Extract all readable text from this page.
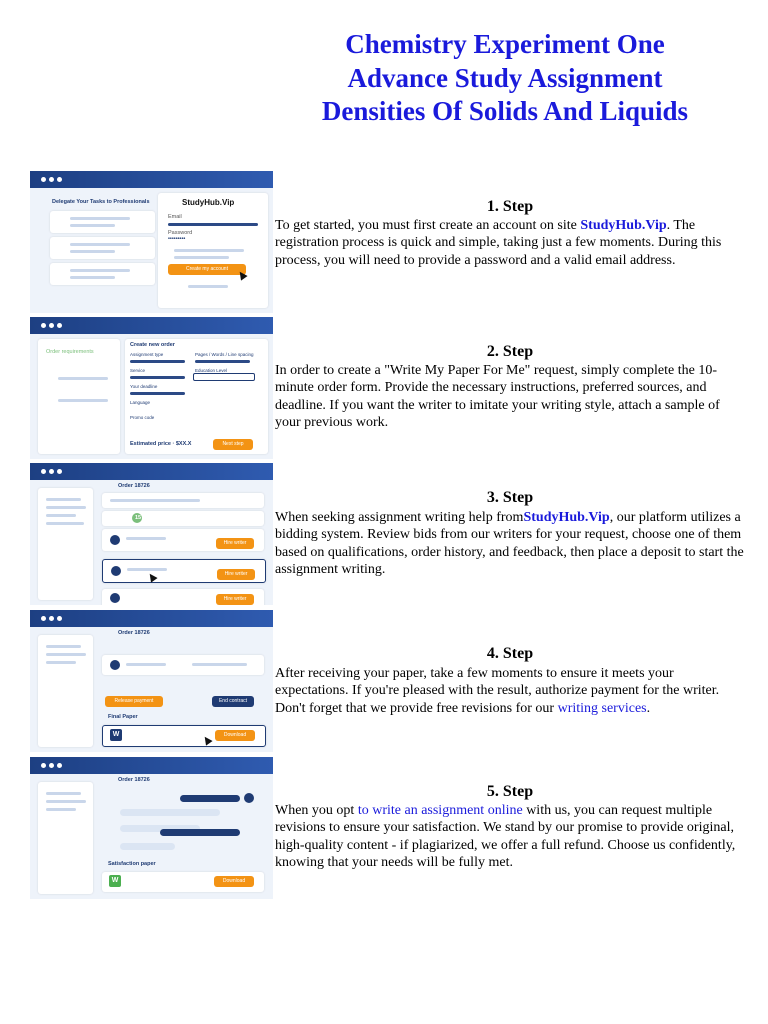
Chemistry Experiment One
Advance Study Assignment
Densities Of Solids And Liquids
Delegate Your Tasks to Professionals	StudyHub.Vip
Email
Password
•••••••••
Create my account
Order requirements
Create new order
Assignment type	Pages / Words / Line spacing
Service	Education Level
Your deadline
Language
Promo code
Estimated price · $XX.X	Next step
Order 18726
15
Hire writer
Hire writer
Hire writer
Order 18726
Release payment	End contract
Final Paper
W	Download
Order 18726
Satisfaction paper
W	Download
1. Step

To get started, you must first create an account on site StudyHub.Vip. The registration process is quick and simple, taking just a few moments. During this process, you will need to provide a password and a valid email address.

2. Step

In order to create a "Write My Paper For Me" request, simply complete the 10-minute order form. Provide the necessary instructions, preferred sources, and deadline. If you want the writer to imitate your writing style, attach a sample of your previous work.

3. Step

When seeking assignment writing help fromStudyHub.Vip, our platform utilizes a bidding system. Review bids from our writers for your request, choose one of them based on qualifications, order history, and feedback, then place a deposit to start the assignment writing.

4. Step

After receiving your paper, take a few moments to ensure it meets your expectations. If you're pleased with the result, authorize payment for the writer. Don't forget that we provide free revisions for our writing services.

5. Step

When you opt to write an assignment online with us, you can request multiple revisions to ensure your satisfaction. We stand by our promise to provide original, high-quality content - if plagiarized, we offer a full refund. Choose us confidently, knowing that your needs will be fully met.
